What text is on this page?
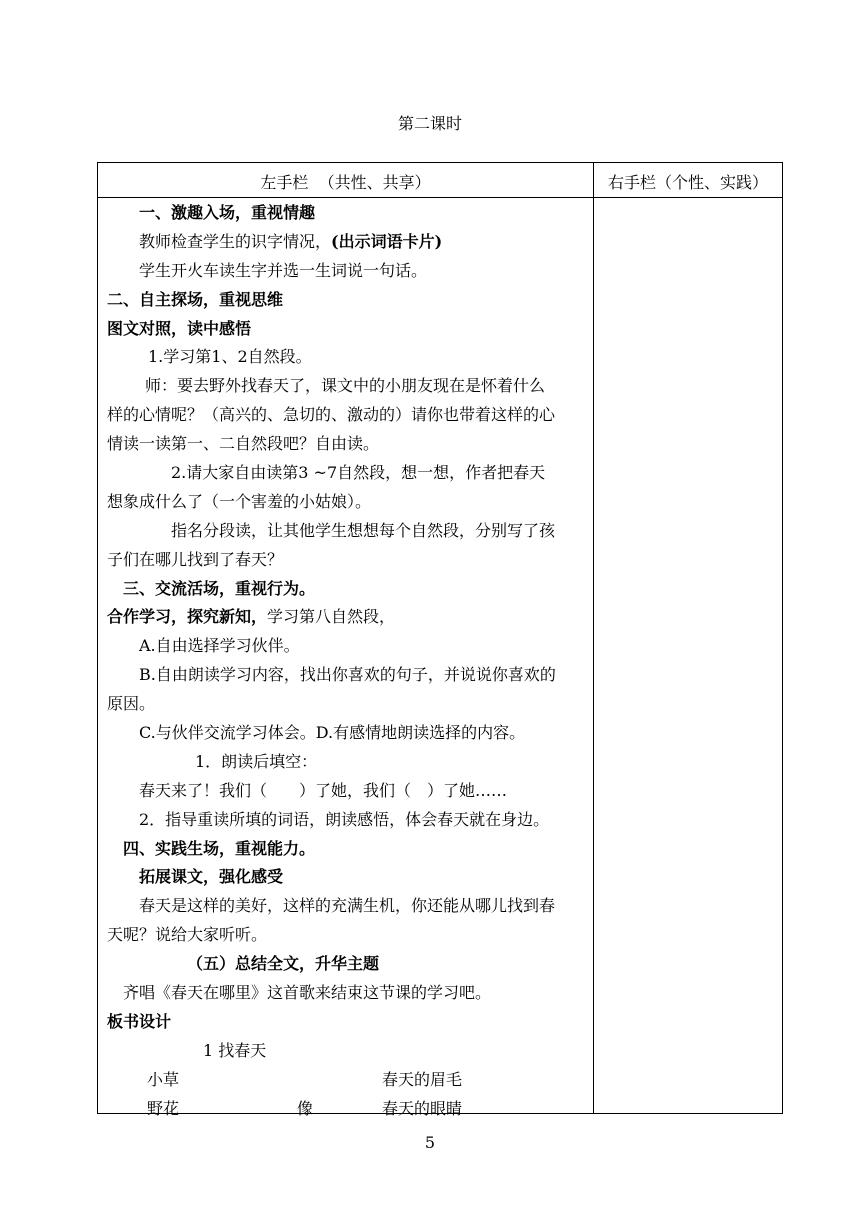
第二课时
左手栏  （共性、共享）	右手栏（个性、实践）
一、激趣入场，重视情趣
教师检查学生的识字情况，(出示词语卡片)
学生开火车读生字并选一生词说一句话。
二、自主探场，重视思维
图文对照，读中感悟
1.学习第1、2自然段。
师：要去野外找春天了，课文中的小朋友现在是怀着什么
样的心情呢？（高兴的、急切的、激动的）请你也带着这样的心
情读一读第一、二自然段吧？自由读。
2.请大家自由读第3 ~7自然段，想一想，作者把春天
想象成什么了（一个害羞的小姑娘）。
指名分段读，让其他学生想想每个自然段，分别写了孩
子们在哪儿找到了春天？
三、交流活场，重视行为。
合作学习，探究新知，学习第八自然段，
A.自由选择学习伙伴。
B.自由朗读学习内容，找出你喜欢的句子，并说说你喜欢的
原因。
C.与伙伴交流学习体会。D.有感情地朗读选择的内容。
1．朗读后填空：
春天来了！我们（　　）了她，我们（　）了她……
2．指导重读所填的词语，朗读感悟，体会春天就在身边。
四、实践生场，重视能力。
拓展课文，强化感受
春天是这样的美好，这样的充满生机，你还能从哪儿找到春
天呢？说给大家听听。
（五）总结全文，升华主题
齐唱《春天在哪里》这首歌来结束这节课的学习吧。
板书设计
1 找春天
小草	春天的眉毛
野花	像	春天的眼睛
5
